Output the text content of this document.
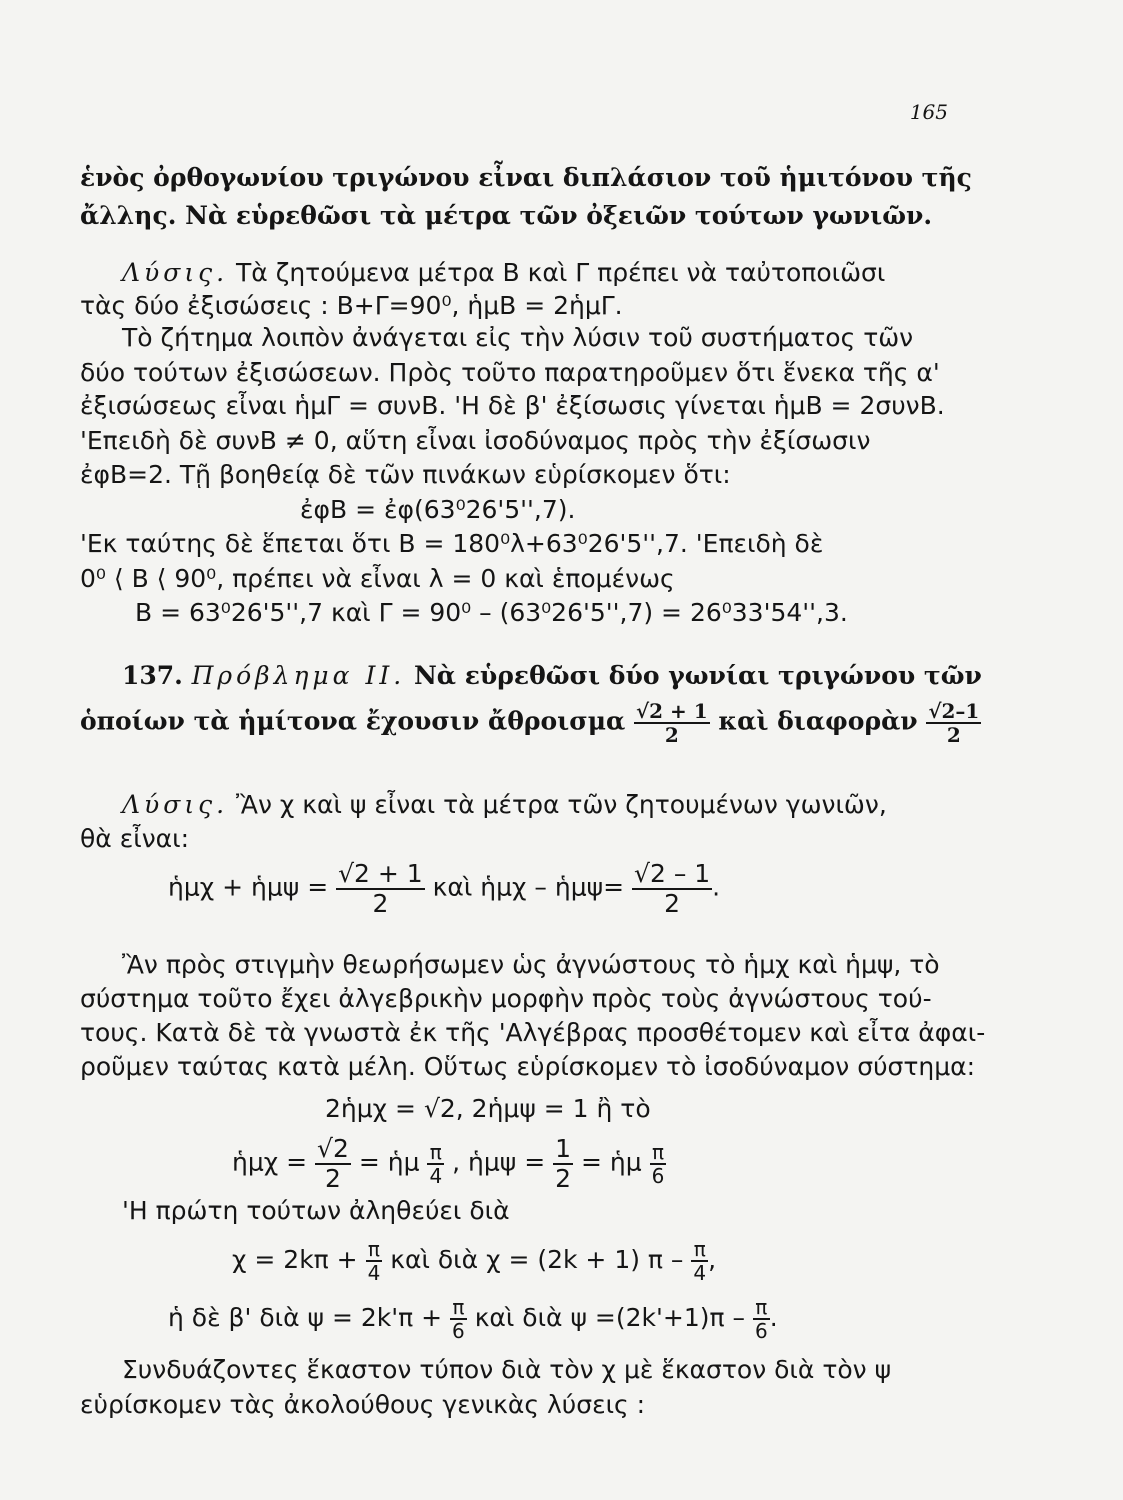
165
ἑνὸς ὀρθογωνίου τριγώνου εἶναι διπλάσιον τοῦ ἡμιτόνου τῆς
ἄλλης. Νὰ εὑρεθῶσι τὰ μέτρα τῶν ὀξειῶν τούτων γωνιῶν.
Λύσις. Τὰ ζητούμενα μέτρα Β καὶ Γ πρέπει νὰ ταὐτοποιῶσι
τὰς δύο ἐξισώσεις : Β+Γ=90⁰, ἡμΒ = 2ἡμΓ.
Τὸ ζήτημα λοιπὸν ἀνάγεται εἰς τὴν λύσιν τοῦ συστήματος τῶν
δύο τούτων ἐξισώσεων. Πρὸς τοῦτο παρατηροῦμεν ὅτι ἕνεκα τῆς α'
ἐξισώσεως εἶναι ἡμΓ = συνΒ. 'Η δὲ β' ἐξίσωσις γίνεται ἡμΒ = 2συνΒ.
'Επειδὴ δὲ συνΒ ≠ 0, αὕτη εἶναι ἰσοδύναμος πρὸς τὴν ἐξίσωσιν
ἐφΒ=2. Τῇ βοηθείᾳ δὲ τῶν πινάκων εὑρίσκομεν ὅτι:
ἐφΒ = ἐφ(63⁰26'5'',7).
'Εκ ταύτης δὲ ἕπεται ὅτι Β = 180⁰λ+63⁰26'5'',7. 'Επειδὴ δὲ
0⁰ ⟨ Β ⟨ 90⁰, πρέπει νὰ εἶναι λ = 0 καὶ ἑπομένως
Β = 63⁰26'5'',7 καὶ Γ = 90⁰ – (63⁰26'5'',7) = 26⁰33'54'',3.
137. Πρόβλημα ΙΙ. Νὰ εὑρεθῶσι δύο γωνίαι τριγώνου τῶν
ὁποίων τὰ ἡμίτονα ἔχουσιν ἄθροισμα $\frac{√2 + 1}{2}$ καὶ διαφορὰν $\frac{√2-1}{2}$
Λύσις. Ἂν χ καὶ ψ εἶναι τὰ μέτρα τῶν ζητουμένων γωνιῶν,
θὰ εἶναι:
ἡμχ + ἡμψ = $\frac{√2 + 1}{2}$ καὶ ἡμχ – ἡμψ= $\frac{√2 - 1}{2}$ .
Ἂν πρὸς στιγμὴν θεωρήσωμεν ὡς ἀγνώστους τὸ ἡμχ καὶ ἡμψ, τὸ
σύστημα τοῦτο ἔχει ἀλγεβρικὴν μορφὴν πρὸς τοὺς ἀγνώστους τού-
τους. Κατὰ δὲ τὰ γνωστὰ ἐκ τῆς 'Αλγέβρας προσθέτομεν καὶ εἶτα ἀφαι-
ροῦμεν ταύτας κατὰ μέλη. Οὕτως εὑρίσκομεν τὸ ἰσοδύναμον σύστημα:
2ἡμχ = √2, 2ἡμψ = 1 ἢ τὸ
ἡμχ = $\frac{√2}{2}$ = ἡμ $\frac{\pi}{4}$ , ἡμψ = $\frac{1}{2}$ = ἡμ $\frac{\pi}{6}$
'Η πρώτη τούτων ἀληθεύει διὰ
$\chi = 2k\pi + \frac{\pi}{4}$ καὶ διὰ χ = (2k + 1) π – $\frac{\pi}{4}$ ,
ἡ δὲ β' διὰ $\psi = 2k'\pi + \frac{\pi}{6}$ καὶ διὰ $\psi =(2k'+1)\pi - \frac{\pi}{6}$ .
Συνδυάζοντες ἕκαστον τύπον διὰ τὸν χ μὲ ἕκαστον διὰ τὸν ψ
εὑρίσκομεν τὰς ἀκολούθους γενικὰς λύσεις :
